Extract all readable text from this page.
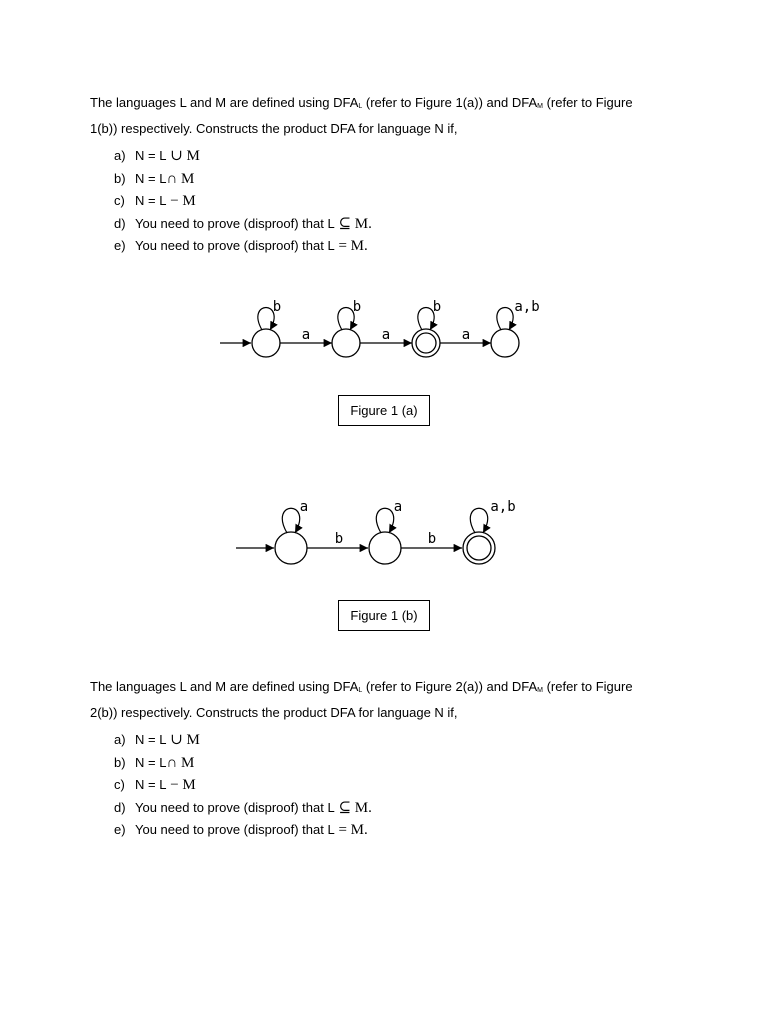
The languages L and M are defined using $DFA_L$ (refer to Figure 1(a)) and $DFA_M$ (refer to Figure
1(b)) respectively. Constructs the product DFA for language N if,
a) N = L ∪ M
b) N = L∩ M
c) N = L − M
d) You need to prove (disproof) that L ⊆ M.
e) You need to prove (disproof) that L = M.
b	b	b	a,b
a	a	a
Figure 1 (a)
a	a	a,b
b	b
Figure 1 (b)
The languages L and M are defined using $DFA_L$ (refer to Figure 2(a)) and $DFA_M$ (refer to Figure
2(b)) respectively. Constructs the product DFA for language N if,
a) N = L ∪ M
b) N = L∩ M
c) N = L − M
d) You need to prove (disproof) that L ⊆ M.
e) You need to prove (disproof) that L = M.
